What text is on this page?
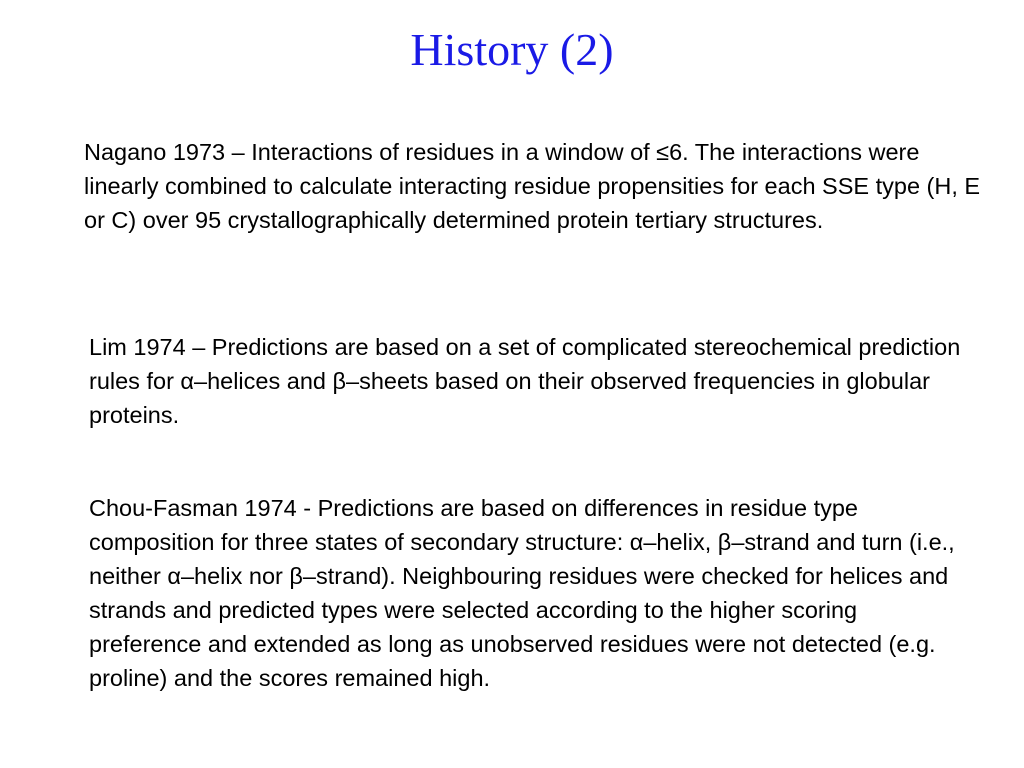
History (2)

Nagano 1973 – Interactions of residues in a window of ≤6. The interactions were linearly combined to calculate interacting residue propensities for each SSE type (H, E or C) over 95 crystallographically determined protein tertiary structures.

Lim 1974 – Predictions are based on a set of complicated stereochemical prediction rules for α–helices and β–sheets based on their observed frequencies in globular proteins.

Chou-Fasman 1974 - Predictions are based on differences in residue type composition for three states of secondary structure: α–helix, β–strand and turn (i.e., neither α–helix nor β–strand). Neighbouring residues were checked for helices and strands and predicted types were selected according to the higher scoring preference and extended as long as unobserved residues were not detected (e.g. proline) and the scores remained high.
